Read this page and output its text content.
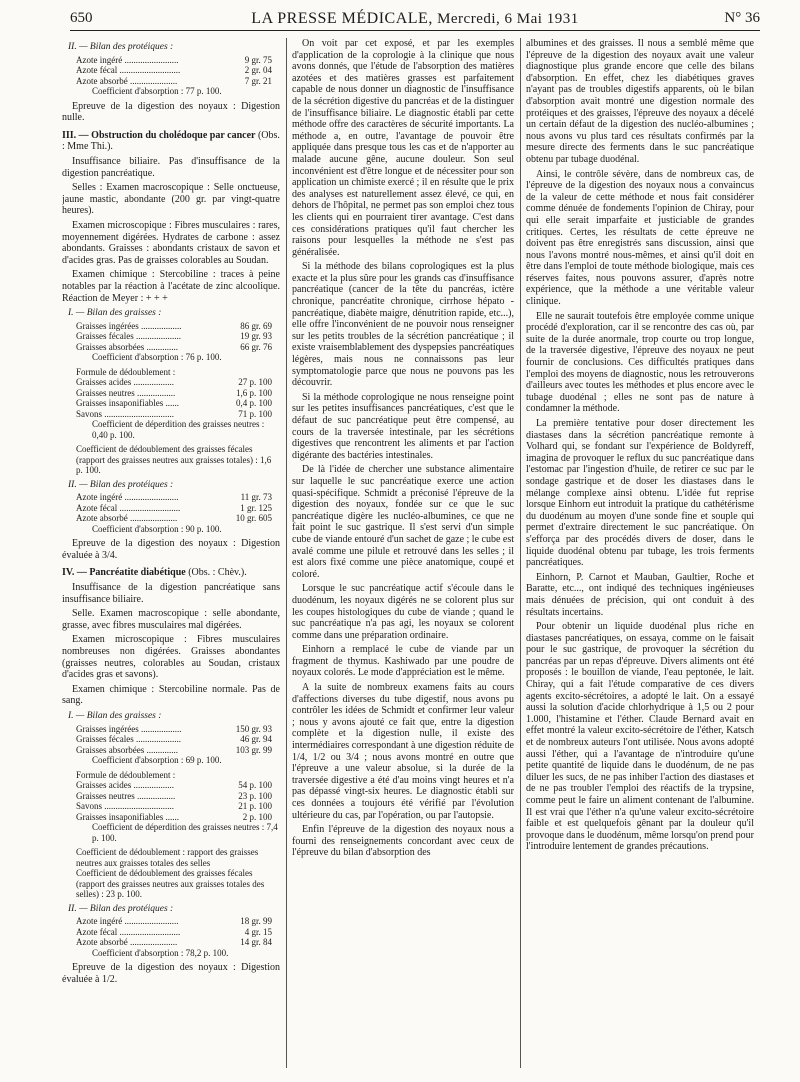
650	LA PRESSE MÉDICALE, Mercredi, 6 Mai 1931	N° 36
II. — Bilan des protéiques :
Azote ingéré ........................	9 gr. 75
Azote fécal ...........................	2 gr. 04
Azote absorbé .....................	7 gr. 21
Coefficient d'absorption : 77 p. 100.

Epreuve de la digestion des noyaux : Digestion nulle.

III. — Obstruction du cholédoque par cancer (Obs. : Mme Thi.).

Insuffisance biliaire. Pas d'insuffisance de la digestion pancréatique.

Selles : Examen macroscopique : Selle onctueuse, jaune mastic, abondante (200 gr. par vingt-quatre heures).

Examen microscopique : Fibres musculaires : rares, moyennement digérées. Hydrates de carbone : assez abondants. Graisses : abondants cristaux de savon et d'acides gras. Pas de graisses colorables au Soudan.

Examen chimique : Stercobiline : traces à peine notables par la réaction à l'acétate de zinc alcoolique. Réaction de Meyer : + + +

I. — Bilan des graisses :
Graisses ingérées ..................	86 gr. 69
Graisses fécales ....................	19 gr. 93
Graisses absorbées ..............	66 gr. 76
Coefficient d'absorption : 76 p. 100.
Formule de dédoublement :
Graisses acides ..................	27 p. 100
Graisses neutres .................	1,6 p. 100
Graisses insaponifiables ......	0,4 p. 100
Savons ...............................	71 p. 100
Coefficient de déperdition des graisses neutres : 0,40 p. 100.
Coefficient de dédoublement des graisses fécales (rapport des graisses neutres aux graisses totales) : 1,6 p. 100.
II. — Bilan des protéiques :
Azote ingéré ........................	11 gr. 73
Azote fécal ...........................	1 gr. 125
Azote absorbé .....................	10 gr. 605
Coefficient d'absorption : 90 p. 100.

Epreuve de la digestion des noyaux : Digestion évaluée à 3/4.

IV. — Pancréatite diabétique (Obs. : Chèv.).

Insuffisance de la digestion pancréatique sans insuffisance biliaire.

Selle. Examen macroscopique : selle abondante, grasse, avec fibres musculaires mal digérées.

Examen microscopique : Fibres musculaires nombreuses non digérées. Graisses abondantes (graisses neutres, colorables au Soudan, cristaux d'acides gras et savons).

Examen chimique : Stercobiline normale. Pas de sang.

I. — Bilan des graisses :
Graisses ingérées ..................	150 gr. 93
Graisses fécales ....................	46 gr. 94
Graisses absorbées ..............	103 gr. 99
Coefficient d'absorption : 69 p. 100.
Formule de dédoublement :
Graisses acides ..................	54 p. 100
Graisses neutres .................	23 p. 100
Savons ...............................	21 p. 100
Graisses insaponifiables ......	2 p. 100
Coefficient de déperdition des graisses neutres : 7,4 p. 100.
Coefficient de dédoublement : rapport des graisses neutres aux graisses totales des selles
Coefficient de dédoublement des graisses fécales (rapport des graisses neutres aux graisses totales des selles) : 23 p. 100.
II. — Bilan des protéiques :
Azote ingéré ........................	18 gr. 99
Azote fécal ...........................	4 gr. 15
Azote absorbé .....................	14 gr. 84
Coefficient d'absorption : 78,2 p. 100.

Epreuve de la digestion des noyaux : Digestion évaluée à 1/2.

On voit par cet exposé, et par les exemples d'application de la coprologie à la clinique que nous avons donnés, que l'étude de l'absorption des matières azotées et des matières grasses est parfaitement capable de nous donner un diagnostic de l'insuffisance de la sécrétion digestive du pancréas et de la distinguer de l'insuffisance biliaire. Le diagnostic établi par cette méthode offre des caractères de sécurité importants. La méthode a, en outre, l'avantage de pouvoir être appliquée dans presque tous les cas et de n'apporter au malade aucune gêne, aucune douleur. Son seul inconvénient est d'être longue et de nécessiter pour son application un chimiste exercé ; il en résulte que le prix des analyses est naturellement assez élevé, ce qui, en dehors de l'hôpital, ne permet pas son emploi chez tous les clients qui en pourraient tirer avantage. C'est dans ces considérations pratiques qu'il faut chercher les raisons pour lesquelles la méthode ne s'est pas généralisée.

Si la méthode des bilans coprologiques est la plus exacte et la plus sûre pour les grands cas d'insuffisance pancréatique (cancer de la tête du pancréas, ictère chronique, pancréatite chronique, cirrhose hépato - pancréatique, diabète maigre, dénutrition rapide, etc...), elle offre l'inconvénient de ne pouvoir nous renseigner sur les petits troubles de la sécrétion pancréatique ; il existe vraisemblablement des dyspepsies pancréatiques légères, mais nous ne connaissons pas leur symptomatologie parce que nous ne pouvons pas les découvrir.

Si la méthode coprologique ne nous renseigne point sur les petites insuffisances pancréatiques, c'est que le défaut de suc pancréatique peut être compensé, au cours de la traversée intestinale, par les sécrétions digestives que rencontrent les aliments et par l'action digérante des bactéries intestinales.

De là l'idée de chercher une substance alimentaire sur laquelle le suc pancréatique exerce une action quasi-spécifique. Schmidt a préconisé l'épreuve de la digestion des noyaux, fondée sur ce que le suc pancréatique digère les nucléo-albumines, ce que ne fait point le suc gastrique. Il s'est servi d'un simple cube de viande entouré d'un sachet de gaze ; le cube est avalé comme une pilule et retrouvé dans les selles ; il est alors fixé comme une pièce anatomique, coupé et coloré.

Lorsque le suc pancréatique actif s'écoule dans le duodénum, les noyaux digérés ne se colorent plus sur les coupes histologiques du cube de viande ; quand le suc pancréatique n'a pas agi, les noyaux se colorent comme dans une préparation ordinaire.

Einhorn a remplacé le cube de viande par un fragment de thymus. Kashiwado par une poudre de noyaux colorés. Le mode d'appréciation est le même.

A la suite de nombreux examens faits au cours d'affections diverses du tube digestif, nous avons pu contrôler les idées de Schmidt et confirmer leur valeur ; nous y avons ajouté ce fait que, entre la digestion complète et la digestion nulle, il existe des intermédiaires correspondant à une digestion réduite de 1/4, 1/2 ou 3/4 ; nous avons montré en outre que l'épreuve a une valeur absolue, si la durée de la traversée digestive a été d'au moins vingt heures et n'a pas dépassé vingt-six heures. Le diagnostic établi sur ces données a toujours été vérifié par l'évolution ultérieure du cas, par l'opération, ou par l'autopsie.

Enfin l'épreuve de la digestion des noyaux nous a fourni des renseignements concordant avec ceux de l'épreuve du bilan d'absorption des

albumines et des graisses. Il nous a semblé même que l'épreuve de la digestion des noyaux avait une valeur diagnostique plus grande encore que celle des bilans d'absorption. En effet, chez les diabétiques graves n'ayant pas de troubles digestifs apparents, où le bilan d'absorption avait montré une digestion normale des protéiques et des graisses, l'épreuve des noyaux a décelé un certain défaut de la digestion des nucléo-albumines ; nous avons vu plus tard ces résultats confirmés par la mesure directe des ferments dans le suc pancréatique obtenu par tubage duodénal.

Ainsi, le contrôle sévère, dans de nombreux cas, de l'épreuve de la digestion des noyaux nous a convaincus de la valeur de cette méthode et nous fait considérer comme dénuée de fondements l'opinion de Chiray, pour qui elle serait imparfaite et justiciable de grandes critiques. Certes, les résultats de cette épreuve ne doivent pas être enregistrés sans discussion, ainsi que nous l'avons montré nous-mêmes, et ainsi qu'il doit en être dans l'emploi de toute méthode biologique, mais ces réserves faites, nous pouvons assurer, d'après notre expérience, que la méthode a une véritable valeur clinique.

Elle ne saurait toutefois être employée comme unique procédé d'exploration, car il se rencontre des cas où, par suite de la durée anormale, trop courte ou trop longue, de la traversée digestive, l'épreuve des noyaux ne peut fournir de conclusions. Ces difficultés pratiques dans l'emploi des moyens de diagnostic, nous les retrouverons d'ailleurs avec toutes les méthodes et plus encore avec le tubage duodénal ; elles ne sont pas de nature à condamner la méthode.

La première tentative pour doser directement les diastases dans la sécrétion pancréatique remonte à Volhard qui, se fondant sur l'expérience de Boldyreff, imagina de provoquer le reflux du suc pancréatique dans l'estomac par l'ingestion d'huile, de retirer ce suc par le sondage gastrique et de doser les diastases dans le mélange complexe ainsi obtenu. L'idée fut reprise lorsque Einhorn eut introduit la pratique du cathétérisme du duodénum au moyen d'une sonde fine et souple qui permet d'extraire directement le suc pancréatique. On s'efforça par des procédés divers de doser, dans le liquide duodénal obtenu par tubage, les trois ferments pancréatiques.

Einhorn, P. Carnot et Mauban, Gaultier, Roche et Baratte, etc..., ont indiqué des techniques ingénieuses mais dénuées de précision, qui ont conduit à des résultats incertains.

Pour obtenir un liquide duodénal plus riche en diastases pancréatiques, on essaya, comme on le faisait pour le suc gastrique, de provoquer la sécrétion du pancréas par un repas d'épreuve. Divers aliments ont été proposés : le bouillon de viande, l'eau peptonée, le lait. Chiray, qui a fait l'étude comparative de ces divers agents excito-sécrétoires, a adopté le lait. On a essayé aussi la solution d'acide chlorhydrique à 1,5 ou 2 pour 1.000, l'histamine et l'éther. Claude Bernard avait en effet montré la valeur excito-sécrétoire de l'éther, Katsch et de nombreux auteurs l'ont utilisée. Nous avons adopté aussi l'éther, qui a l'avantage de n'introduire qu'une petite quantité de liquide dans le duodénum, de ne pas diluer les sucs, de ne pas inhiber l'action des diastases et de ne pas troubler l'emploi des réactifs de la trypsine, comme peut le faire un aliment contenant de l'albumine. Il est vrai que l'éther n'a qu'une valeur excito-sécrétoire faible et est quelquefois gênant par la douleur qu'il provoque dans le duodénum, même lorsqu'on prend pour l'introduire lentement de grandes précautions.
